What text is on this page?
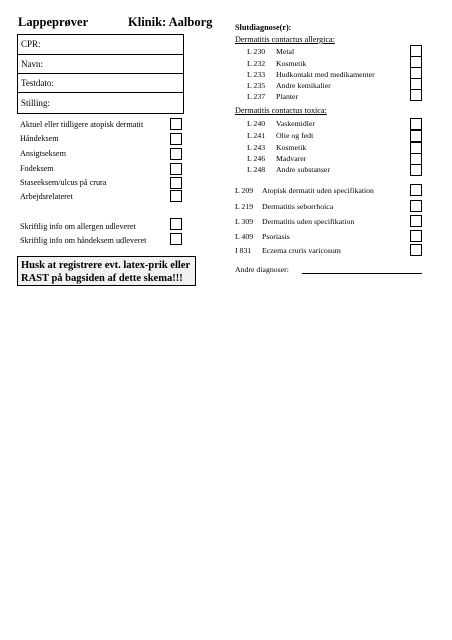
Lappeprøver	Klinik: Aalborg
CPR:
Navn:
Testdato:
Stilling:
Aktuel eller tidligere atopisk dermatit
Håndeksem
Ansigtseksem
Fodeksem
Staseeksem/ulcus på crura
Arbejdsrelateret
Skriftlig info om allergen udleveret
Skriftlig info om håndeksem udleveret
Husk at registrere evt. latex-prik eller
RAST på bagsiden af dette skema!!!
Slutdiagnose(r):
Dermatitis contactus allergica:
L 230 Metal
L 232 Kosmetik
L 233 Hudkontakt med medikamenter
L 235 Andre kemikalier
L 237 Planter
Dermatitis contactus toxica:
L 240 Vaskemidler
L 241 Olie og fedt
L 243 Kosmetik
L 246 Madvarer
L 248 Andre substanser
L 209 Atopisk dermatit uden specifikation
L 219 Dermatitis seborrhoica
L 309 Dermatitis uden specifikation
L 409 Psoriasis
I 831 Eczema cruris varicosum
Andre diagnoser:
